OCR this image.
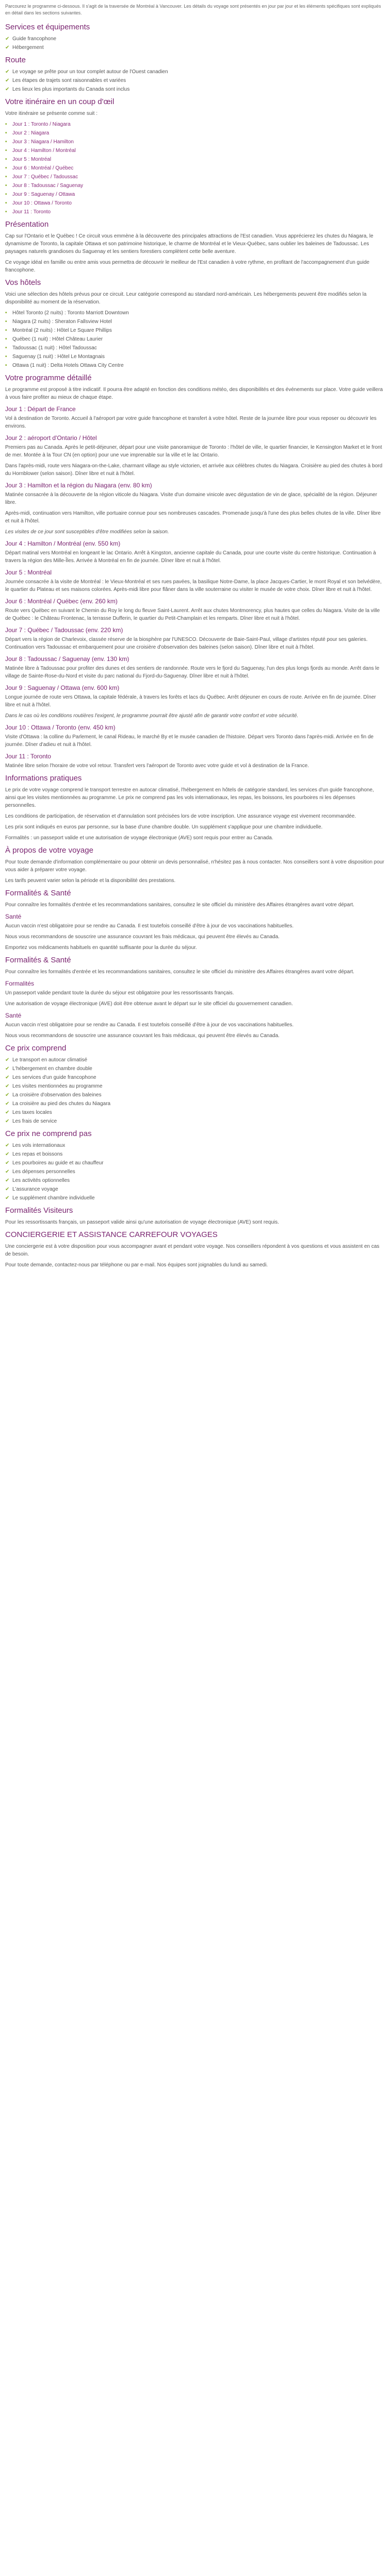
Parcourez le programme ci-dessous. Il s'agit de la traversée de Montréal à Vancouver. Les détails du voyage sont présentés en jour par jour et les éléments spécifiques sont expliqués en détail dans les sections suivantes.

Services et équipements
✔ Guide francophone
✔ Hébergement
Route
✔ Le voyage se prête pour un tour complet autour de l'Ouest canadien
✔ Les étapes de trajets sont raisonnables et variées
✔ Les lieux les plus importants du Canada sont inclus
Votre itinéraire en un coup d'œil

Votre itinéraire se présente comme suit :

• Jour 1 : Toronto / Niagara
• Jour 2 : Niagara
• Jour 3 : Niagara / Hamilton
• Jour 4 : Hamilton / Montréal
• Jour 5 : Montréal
• Jour 6 : Montréal / Québec
• Jour 7 : Québec / Tadoussac
• Jour 8 : Tadoussac / Saguenay
• Jour 9 : Saguenay / Ottawa
• Jour 10 : Ottawa / Toronto
• Jour 11 : Toronto
Présentation

Cap sur l'Ontario et le Québec ! Ce circuit vous emmène à la découverte des principales attractions de l'Est canadien. Vous apprécierez les chutes du Niagara, le dynamisme de Toronto, la capitale Ottawa et son patrimoine historique, le charme de Montréal et le Vieux-Québec, sans oublier les baleines de Tadoussac. Les paysages naturels grandioses du Saguenay et les sentiers forestiers complètent cette belle aventure.

Ce voyage idéal en famille ou entre amis vous permettra de découvrir le meilleur de l'Est canadien à votre rythme, en profitant de l'accompagnement d'un guide francophone.

Vos hôtels

Voici une sélection des hôtels prévus pour ce circuit. Leur catégorie correspond au standard nord-américain. Les hébergements peuvent être modifiés selon la disponibilité au moment de la réservation.

• Hôtel Toronto (2 nuits) : Toronto Marriott Downtown
• Niagara (2 nuits) : Sheraton Fallsview Hotel
• Montréal (2 nuits) : Hôtel Le Square Phillips
• Québec (1 nuit) : Hôtel Château Laurier
• Tadoussac (1 nuit) : Hôtel Tadoussac
• Saguenay (1 nuit) : Hôtel Le Montagnais
• Ottawa (1 nuit) : Delta Hotels Ottawa City Centre
Votre programme détaillé

Le programme est proposé à titre indicatif. Il pourra être adapté en fonction des conditions météo, des disponibilités et des événements sur place. Votre guide veillera à vous faire profiter au mieux de chaque étape.

Jour 1 : Départ de France

Vol à destination de Toronto. Accueil à l'aéroport par votre guide francophone et transfert à votre hôtel. Reste de la journée libre pour vous reposer ou découvrir les environs.

Jour 2 : aéroport d'Ontario / Hôtel

Premiers pas au Canada. Après le petit-déjeuner, départ pour une visite panoramique de Toronto : l'hôtel de ville, le quartier financier, le Kensington Market et le front de mer. Montée à la Tour CN (en option) pour une vue imprenable sur la ville et le lac Ontario.

Dans l'après-midi, route vers Niagara-on-the-Lake, charmant village au style victorien, et arrivée aux célèbres chutes du Niagara. Croisière au pied des chutes à bord du Hornblower (selon saison). Dîner libre et nuit à l'hôtel.

Jour 3 : Hamilton et la région du Niagara (env. 80 km)

Matinée consacrée à la découverte de la région viticole du Niagara. Visite d'un domaine vinicole avec dégustation de vin de glace, spécialité de la région. Déjeuner libre.

Après-midi, continuation vers Hamilton, ville portuaire connue pour ses nombreuses cascades. Promenade jusqu'à l'une des plus belles chutes de la ville. Dîner libre et nuit à l'hôtel.

Les visites de ce jour sont susceptibles d'être modifiées selon la saison.

Jour 4 : Hamilton / Montréal (env. 550 km)

Départ matinal vers Montréal en longeant le lac Ontario. Arrêt à Kingston, ancienne capitale du Canada, pour une courte visite du centre historique. Continuation à travers la région des Mille-Îles. Arrivée à Montréal en fin de journée. Dîner libre et nuit à l'hôtel.

Jour 5 : Montréal

Journée consacrée à la visite de Montréal : le Vieux-Montréal et ses rues pavées, la basilique Notre-Dame, la place Jacques-Cartier, le mont Royal et son belvédère, le quartier du Plateau et ses maisons colorées. Après-midi libre pour flâner dans la ville souterraine ou visiter le musée de votre choix. Dîner libre et nuit à l'hôtel.

Jour 6 : Montréal / Québec (env. 260 km)

Route vers Québec en suivant le Chemin du Roy le long du fleuve Saint-Laurent. Arrêt aux chutes Montmorency, plus hautes que celles du Niagara. Visite de la ville de Québec : le Château Frontenac, la terrasse Dufferin, le quartier du Petit-Champlain et les remparts. Dîner libre et nuit à l'hôtel.

Jour 7 : Québec / Tadoussac (env. 220 km)

Départ vers la région de Charlevoix, classée réserve de la biosphère par l'UNESCO. Découverte de Baie-Saint-Paul, village d'artistes réputé pour ses galeries. Continuation vers Tadoussac et embarquement pour une croisière d'observation des baleines (selon saison). Dîner libre et nuit à l'hôtel.

Jour 8 : Tadoussac / Saguenay (env. 130 km)

Matinée libre à Tadoussac pour profiter des dunes et des sentiers de randonnée. Route vers le fjord du Saguenay, l'un des plus longs fjords au monde. Arrêt dans le village de Sainte-Rose-du-Nord et visite du parc national du Fjord-du-Saguenay. Dîner libre et nuit à l'hôtel.

Jour 9 : Saguenay / Ottawa (env. 600 km)

Longue journée de route vers Ottawa, la capitale fédérale, à travers les forêts et lacs du Québec. Arrêt déjeuner en cours de route. Arrivée en fin de journée. Dîner libre et nuit à l'hôtel.

Dans le cas où les conditions routières l'exigent, le programme pourrait être ajusté afin de garantir votre confort et votre sécurité.

Jour 10 : Ottawa / Toronto (env. 450 km)

Visite d'Ottawa : la colline du Parlement, le canal Rideau, le marché By et le musée canadien de l'histoire. Départ vers Toronto dans l'après-midi. Arrivée en fin de journée. Dîner d'adieu et nuit à l'hôtel.

Jour 11 : Toronto

Matinée libre selon l'horaire de votre vol retour. Transfert vers l'aéroport de Toronto avec votre guide et vol à destination de la France.

Informations pratiques

Le prix de votre voyage comprend le transport terrestre en autocar climatisé, l'hébergement en hôtels de catégorie standard, les services d'un guide francophone, ainsi que les visites mentionnées au programme. Le prix ne comprend pas les vols internationaux, les repas, les boissons, les pourboires ni les dépenses personnelles.

Les conditions de participation, de réservation et d'annulation sont précisées lors de votre inscription. Une assurance voyage est vivement recommandée.

Les prix sont indiqués en euros par personne, sur la base d'une chambre double. Un supplément s'applique pour une chambre individuelle.

Formalités : un passeport valide et une autorisation de voyage électronique (AVE) sont requis pour entrer au Canada.

À propos de votre voyage

Pour toute demande d'information complémentaire ou pour obtenir un devis personnalisé, n'hésitez pas à nous contacter. Nos conseillers sont à votre disposition pour vous aider à préparer votre voyage.

Les tarifs peuvent varier selon la période et la disponibilité des prestations.

Formalités & Santé

Pour connaître les formalités d'entrée et les recommandations sanitaires, consultez le site officiel du ministère des Affaires étrangères avant votre départ.

Santé

Aucun vaccin n'est obligatoire pour se rendre au Canada. Il est toutefois conseillé d'être à jour de vos vaccinations habituelles.

Nous vous recommandons de souscrire une assurance couvrant les frais médicaux, qui peuvent être élevés au Canada.

Emportez vos médicaments habituels en quantité suffisante pour la durée du séjour.

Formalités & Santé

Pour connaître les formalités d'entrée et les recommandations sanitaires, consultez le site officiel du ministère des Affaires étrangères avant votre départ.

Formalités

Un passeport valide pendant toute la durée du séjour est obligatoire pour les ressortissants français.

Une autorisation de voyage électronique (AVE) doit être obtenue avant le départ sur le site officiel du gouvernement canadien.

Santé

Aucun vaccin n'est obligatoire pour se rendre au Canada. Il est toutefois conseillé d'être à jour de vos vaccinations habituelles.

Nous vous recommandons de souscrire une assurance couvrant les frais médicaux, qui peuvent être élevés au Canada.

Ce prix comprend
✔ Le transport en autocar climatisé
✔ L'hébergement en chambre double
✔ Les services d'un guide francophone
✔ Les visites mentionnées au programme
✔ La croisière d'observation des baleines
✔ La croisière au pied des chutes du Niagara
✔ Les taxes locales
✔ Les frais de service
Ce prix ne comprend pas
✔ Les vols internationaux
✔ Les repas et boissons
✔ Les pourboires au guide et au chauffeur
✔ Les dépenses personnelles
✔ Les activités optionnelles
✔ L'assurance voyage
✔ Le supplément chambre individuelle
Formalités Visiteurs

Pour les ressortissants français, un passeport valide ainsi qu'une autorisation de voyage électronique (AVE) sont requis.

CONCIERGERIE ET ASSISTANCE CARREFOUR VOYAGES

Une conciergerie est à votre disposition pour vous accompagner avant et pendant votre voyage. Nos conseillers répondent à vos questions et vous assistent en cas de besoin.

Pour toute demande, contactez-nous par téléphone ou par e-mail. Nos équipes sont joignables du lundi au samedi.
